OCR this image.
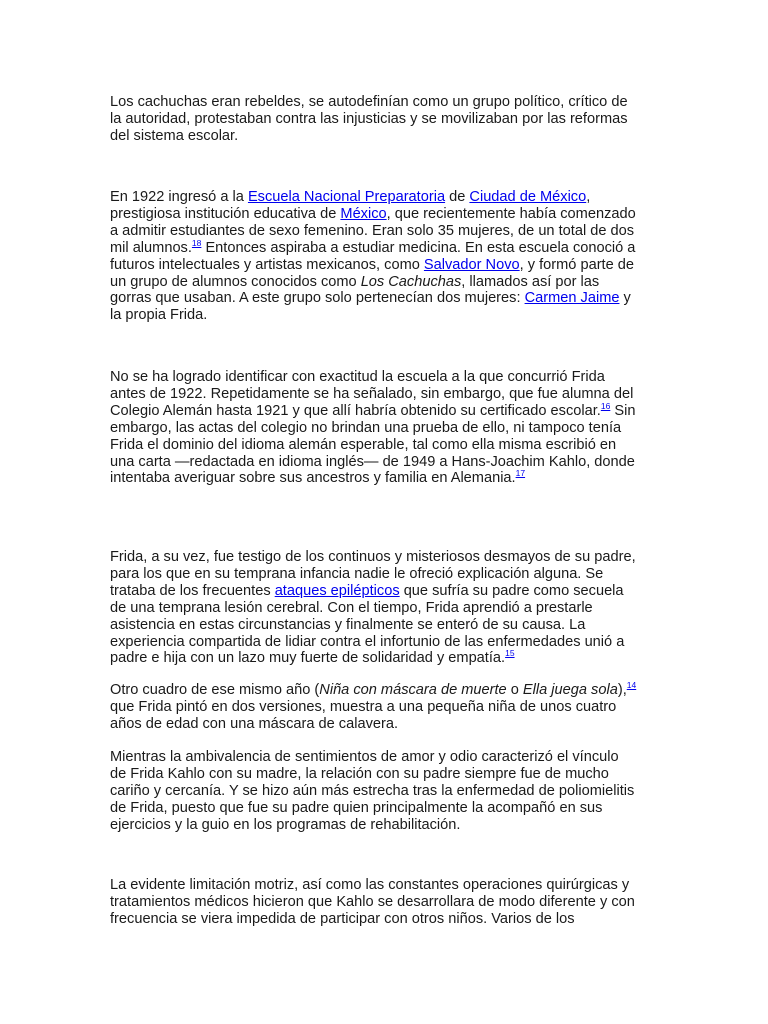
Los cachuchas eran rebeldes, se autodefinían como un grupo político, crítico de la autoridad, protestaban contra las injusticias y se movilizaban por las reformas del sistema escolar.

En 1922 ingresó a la Escuela Nacional Preparatoria de Ciudad de México, prestigiosa institución educativa de México, que recientemente había comenzado a admitir estudiantes de sexo femenino. Eran solo 35 mujeres, de un total de dos mil alumnos.$^{18}$ Entonces aspiraba a estudiar medicina. En esta escuela conoció a futuros intelectuales y artistas mexicanos, como Salvador Novo, y formó parte de un grupo de alumnos conocidos como Los Cachuchas, llamados así por las gorras que usaban. A este grupo solo pertenecían dos mujeres: Carmen Jaime y la propia Frida.

No se ha logrado identificar con exactitud la escuela a la que concurrió Frida antes de 1922. Repetidamente se ha señalado, sin embargo, que fue alumna del Colegio Alemán hasta 1921 y que allí habría obtenido su certificado escolar.$^{16}$ Sin embargo, las actas del colegio no brindan una prueba de ello, ni tampoco tenía Frida el dominio del idioma alemán esperable, tal como ella misma escribió en una carta —redactada en idioma inglés— de 1949 a Hans-Joachim Kahlo, donde intentaba averiguar sobre sus ancestros y familia en Alemania.$^{17}$

Frida, a su vez, fue testigo de los continuos y misteriosos desmayos de su padre, para los que en su temprana infancia nadie le ofreció explicación alguna. Se trataba de los frecuentes ataques epilépticos que sufría su padre como secuela de una temprana lesión cerebral. Con el tiempo, Frida aprendió a prestarle asistencia en estas circunstancias y finalmente se enteró de su causa. La experiencia compartida de lidiar contra el infortunio de las enfermedades unió a padre e hija con un lazo muy fuerte de solidaridad y empatía.$^{15}$

Otro cuadro de ese mismo año (Niña con máscara de muerte o Ella juega sola),$^{14}$ que Frida pintó en dos versiones, muestra a una pequeña niña de unos cuatro años de edad con una máscara de calavera.

Mientras la ambivalencia de sentimientos de amor y odio caracterizó el vínculo de Frida Kahlo con su madre, la relación con su padre siempre fue de mucho cariño y cercanía. Y se hizo aún más estrecha tras la enfermedad de poliomielitis de Frida, puesto que fue su padre quien principalmente la acompañó en sus ejercicios y la guio en los programas de rehabilitación.

La evidente limitación motriz, así como las constantes operaciones quirúrgicas y tratamientos médicos hicieron que Kahlo se desarrollara de modo diferente y con frecuencia se viera impedida de participar con otros niños. Varios de los
